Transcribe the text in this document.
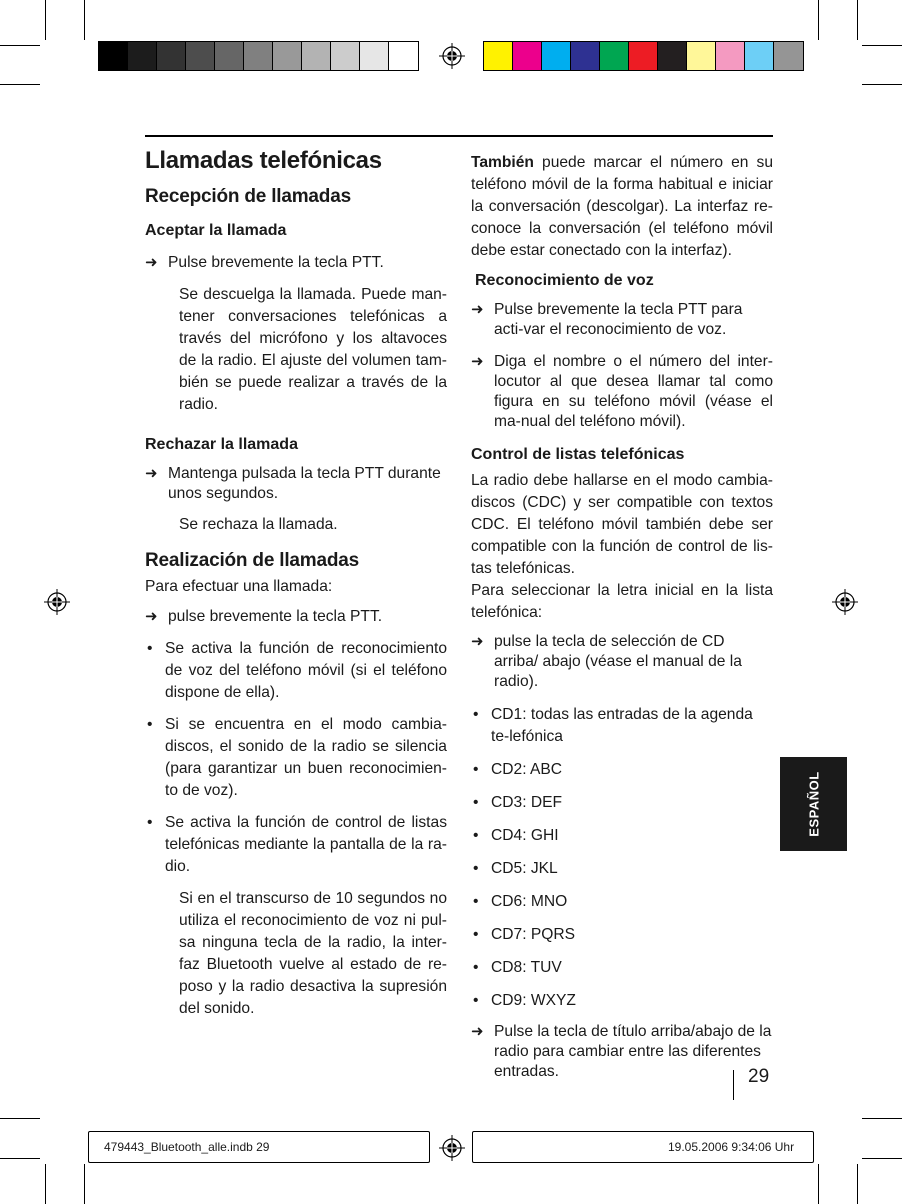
Llamadas telefónicas
Recepción de llamadas
Aceptar la llamada
➜ Pulse brevemente la tecla PTT.

Se descuelga la llamada. Puede man-tener conversaciones telefónicas a través del micrófono y los altavoces de la radio. El ajuste del volumen tam-bién se puede realizar a través de la radio.

Rechazar la llamada
➜ Mantenga pulsada la tecla PTT durante unos segundos.

Se rechaza la llamada.

Realización de llamadas

Para efectuar una llamada:

➜ pulse brevemente la tecla PTT.

• Se activa la función de reconocimiento de voz del teléfono móvil (si el teléfono dispone de ella).

• Si se encuentra en el modo cambia-discos, el sonido de la radio se silencia (para garantizar un buen reconocimien-to de voz).

• Se activa la función de control de listas telefónicas mediante la pantalla de la ra-dio.

Si en el transcurso de 10 segundos no utiliza el reconocimiento de voz ni pul-sa ninguna tecla de la radio, la inter-faz Bluetooth vuelve al estado de re-poso y la radio desactiva la supresión del sonido.

También puede marcar el número en su teléfono móvil de la forma habitual e iniciar la conversación (descolgar). La interfaz re-conoce la conversación (el teléfono móvil debe estar conectado con la interfaz).

Reconocimiento de voz
➜ Pulse brevemente la tecla PTT para acti-var el reconocimiento de voz.

➜ Diga el nombre o el número del inter-locutor al que desea llamar tal como figura en su teléfono móvil (véase el ma-nual del teléfono móvil).

Control de listas telefónicas

La radio debe hallarse en el modo cambia-discos (CDC) y ser compatible con textos CDC. El teléfono móvil también debe ser compatible con la función de control de lis-tas telefónicas.

Para seleccionar la letra inicial en la lista telefónica:

➜ pulse la tecla de selección de CD arriba/ abajo (véase el manual de la radio).

• CD1: todas las entradas de la agenda te-lefónica

• CD2: ABC

• CD3: DEF

• CD4: GHI

• CD5: JKL

• CD6: MNO

• CD7: PQRS

• CD8: TUV

• CD9: WXYZ

➜ Pulse la tecla de título arriba/abajo de la radio para cambiar entre las diferentes entradas.

ESPAÑOL
29
479443_Bluetooth_alle.indb 29	19.05.2006 9:34:06 Uhr
